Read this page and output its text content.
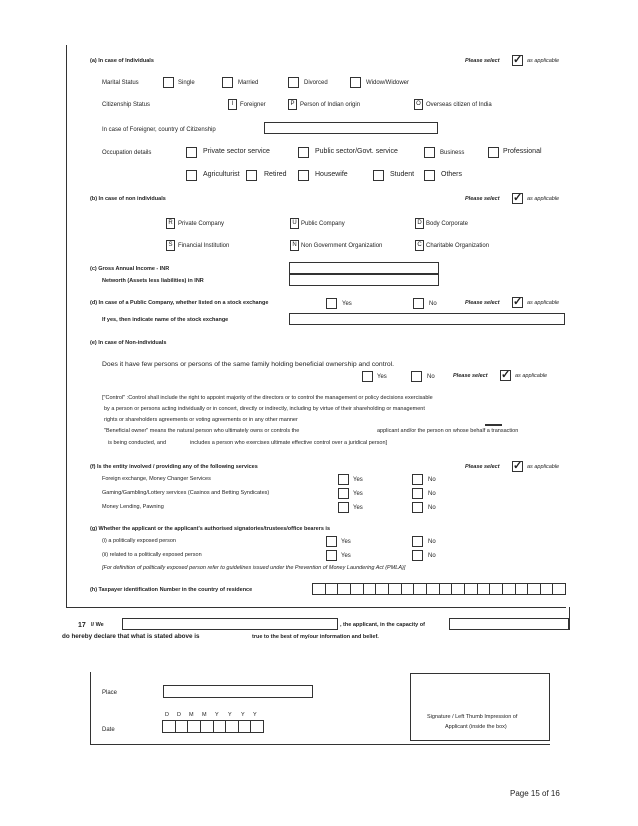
(a) In case of Individuals	Please select ✓ as applicable
Marital Status	Single	Married	Divorced	Widow/Widower
Citizenship Status	I	Foreigner	P Person of Indian origin	O Overseas citizen of India
In case of Foreigner, country of Citizenship
Occupation details	Private sector service	Public sector/Govt. service	Business	Professional
Agriculturist	Retired	Housewife	Student	Others
(b) In case of non individuals	Please select ✓ as applicable
R Private Company	U Public Company	D Body Corporate
S Financial Institution	N Non Government Organization	C Charitable Organization
(c) Gross Annual Income - INR
Networth (Assets less liabilities) in INR
(d) In case of a Public Company, whether listed on a stock exchange	Yes	No	Please select ✓ as applicable
If yes, then indicate name of the stock exchange
(e) In case of Non-individuals
Does it have few persons or persons of the same family holding beneficial ownership and control.
Yes	No	Please select ✓ as applicable
["Control" :Control shall include the right to appoint majority of the directors or to control the management or policy decisions exercisable
by a person or persons acting individually or in concert, directly or indirectly, including by virtue of their shareholding or management
rights or shareholders agreements or voting agreements or in any other manner
"Beneficial owner" means the natural person who ultimately owns or controls the	applicant and/or the person on whose behalf a transaction
is being conducted, and	includes a person who exercises ultimate effective control over a juridical person]
(f) Is the entity involved / providing any of the following services	Please select ✓ as applicable
Foreign exchange, Money Changer Services	Yes	No
Gaming/Gambling/Lottery services (Casinos and Betting Syndicates)	Yes	No
Money Lending, Pawning	Yes	No
(g) Whether the applicant or the applicant's authorised signatories/trustees/office bearers is
(i) a politically exposed person	Yes	No
(ii) related to a politically exposed person	Yes	No
[For definition of politically exposed person refer to guidelines issued under the Prevention of Money Laundering Act (PMLA)]
(h) Taxpayer identification Number in the country of residence
17 I/ We	, the applicant, in the capacity of
do hereby declare that what is stated above is	true to the best of my/our information and belief.
Place
D D M M Y Y Y Y
Date
Signature / Left Thumb Impression of
Applicant (inside the box)
Page 15 of 16
